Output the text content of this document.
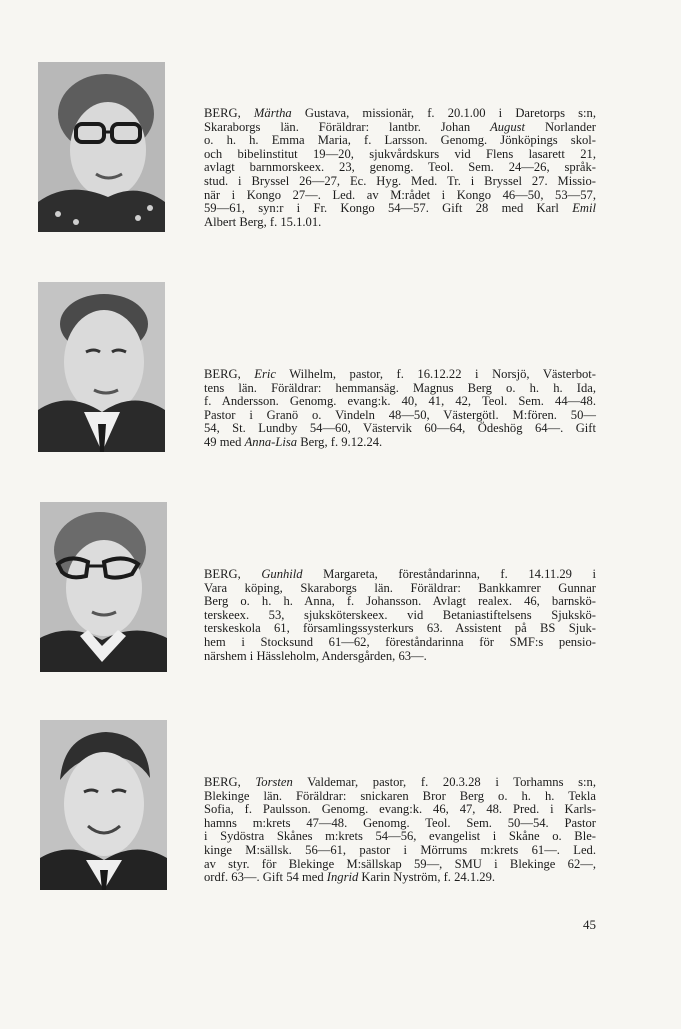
BERG, Märtha Gustava, missionär, f. 20.1.00 i Daretorps s:n,
Skaraborgs län. Föräldrar: lantbr. Johan August Norlander
o. h. h. Emma Maria, f. Larsson. Genomg. Jönköpings skol-
och bibelinstitut 19—20, sjukvårdskurs vid Flens lasarett 21,
avlagt barnmorskeex. 23, genomg. Teol. Sem. 24—26, språk-
stud. i Bryssel 26—27, Ec. Hyg. Med. Tr. i Bryssel 27. Missio-
när i Kongo 27—. Led. av M:rådet i Kongo 46—50, 53—57,
59—61, syn:r i Fr. Kongo 54—57. Gift 28 med Karl Emil
Albert Berg, f. 15.1.01.

BERG, Eric Wilhelm, pastor, f. 16.12.22 i Norsjö, Västerbot-
tens län. Föräldrar: hemmansäg. Magnus Berg o. h. h. Ida,
f. Andersson. Genomg. evang:k. 40, 41, 42, Teol. Sem. 44—48.
Pastor i Granö o. Vindeln 48—50, Västergötl. M:fören. 50—
54, St. Lundby 54—60, Västervik 60—64, Ödeshög 64—. Gift
49 med Anna-Lisa Berg, f. 9.12.24.

BERG, Gunhild Margareta, föreståndarinna, f. 14.11.29 i
Vara köping, Skaraborgs län. Föräldrar: Bankkamrer Gunnar
Berg o. h. h. Anna, f. Johansson. Avlagt realex. 46, barnskö-
terskeex. 53, sjuksköterskeex. vid Betaniastiftelsens Sjukskö-
terskeskola 61, församlingssysterkurs 63. Assistent på BS Sjuk-
hem i Stocksund 61—62, föreståndarinna för SMF:s pensio-
närshem i Hässleholm, Andersgården, 63—.

BERG, Torsten Valdemar, pastor, f. 20.3.28 i Torhamns s:n,
Blekinge län. Föräldrar: snickaren Bror Berg o. h. h. Tekla
Sofia, f. Paulsson. Genomg. evang:k. 46, 47, 48. Pred. i Karls-
hamns m:krets 47—48. Genomg. Teol. Sem. 50—54. Pastor
i Sydöstra Skånes m:krets 54—56, evangelist i Skåne o. Ble-
kinge M:sällsk. 56—61, pastor i Mörrums m:krets 61—. Led.
av styr. för Blekinge M:sällskap 59—, SMU i Blekinge 62—,
ordf. 63—. Gift 54 med Ingrid Karin Nyström, f. 24.1.29.

45
